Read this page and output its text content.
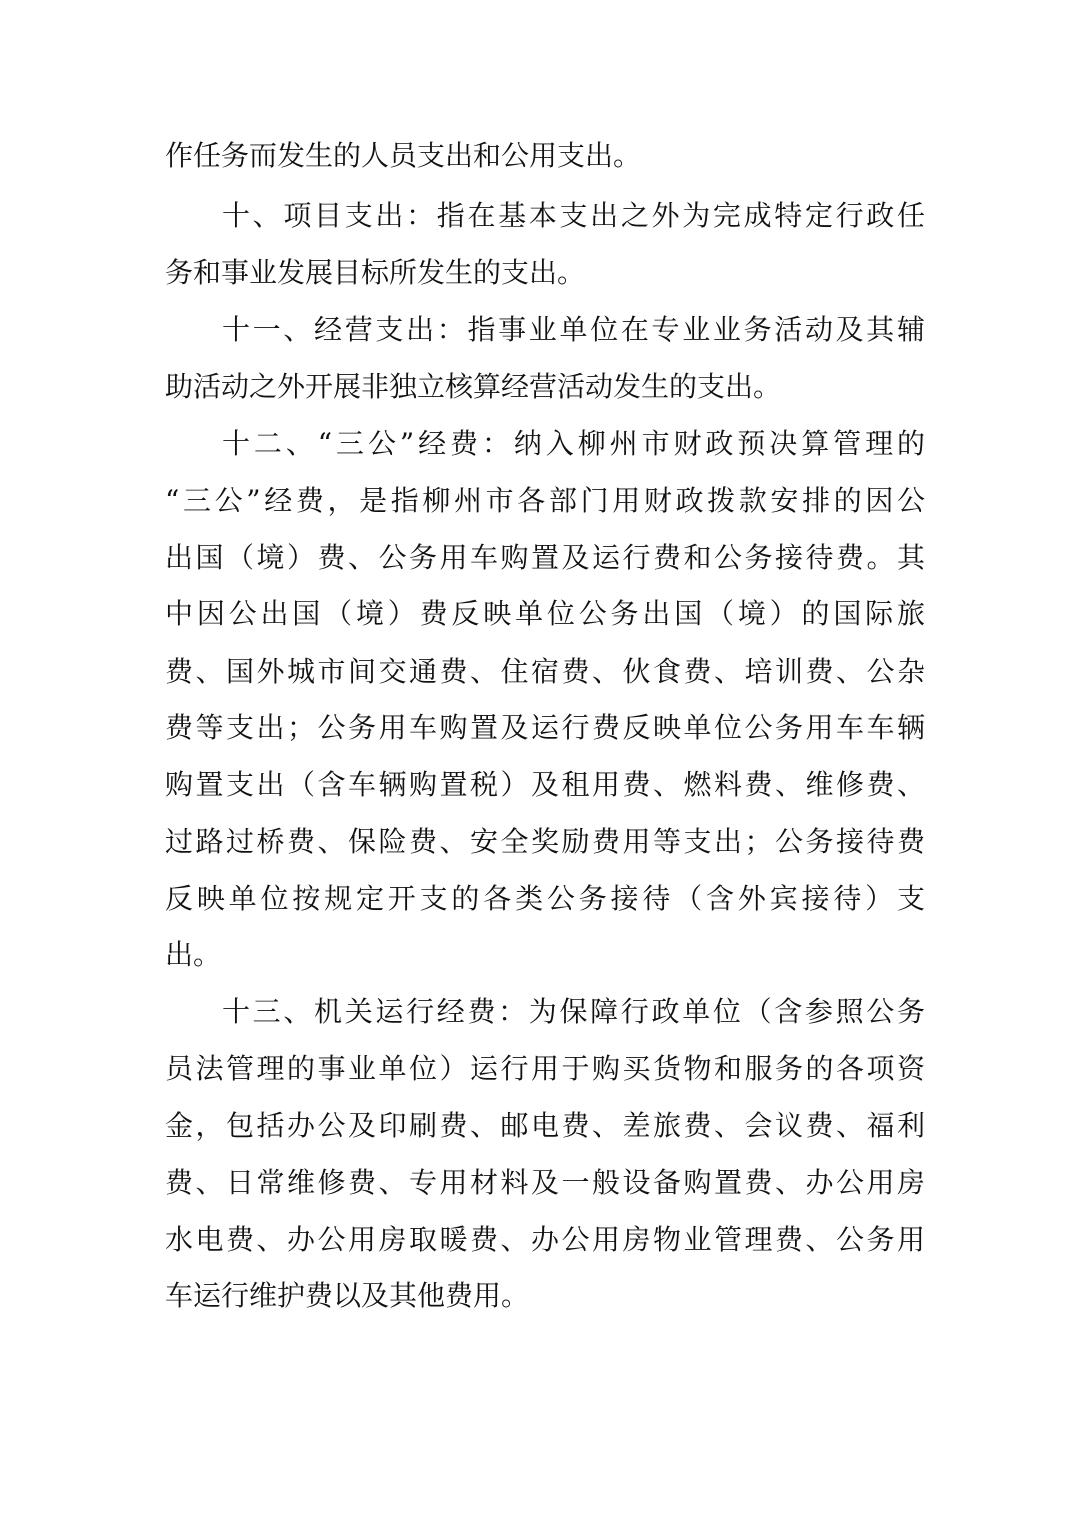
作任务而发生的人员支出和公用支出。
十、项目支出：指在基本支出之外为完成特定行政任
务和事业发展目标所发生的支出。
十一、经营支出：指事业单位在专业业务活动及其辅
助活动之外开展非独立核算经营活动发生的支出。
十二、“三公”经费：纳入柳州市财政预决算管理的
“三公”经费，是指柳州市各部门用财政拨款安排的因公
出国（境）费、公务用车购置及运行费和公务接待费。其
中因公出国（境）费反映单位公务出国（境）的国际旅
费、国外城市间交通费、住宿费、伙食费、培训费、公杂
费等支出；公务用车购置及运行费反映单位公务用车车辆
购置支出（含车辆购置税）及租用费、燃料费、维修费、
过路过桥费、保险费、安全奖励费用等支出；公务接待费
反映单位按规定开支的各类公务接待（含外宾接待）支
出。
十三、机关运行经费：为保障行政单位（含参照公务
员法管理的事业单位）运行用于购买货物和服务的各项资
金，包括办公及印刷费、邮电费、差旅费、会议费、福利
费、日常维修费、专用材料及一般设备购置费、办公用房
水电费、办公用房取暖费、办公用房物业管理费、公务用
车运行维护费以及其他费用。
